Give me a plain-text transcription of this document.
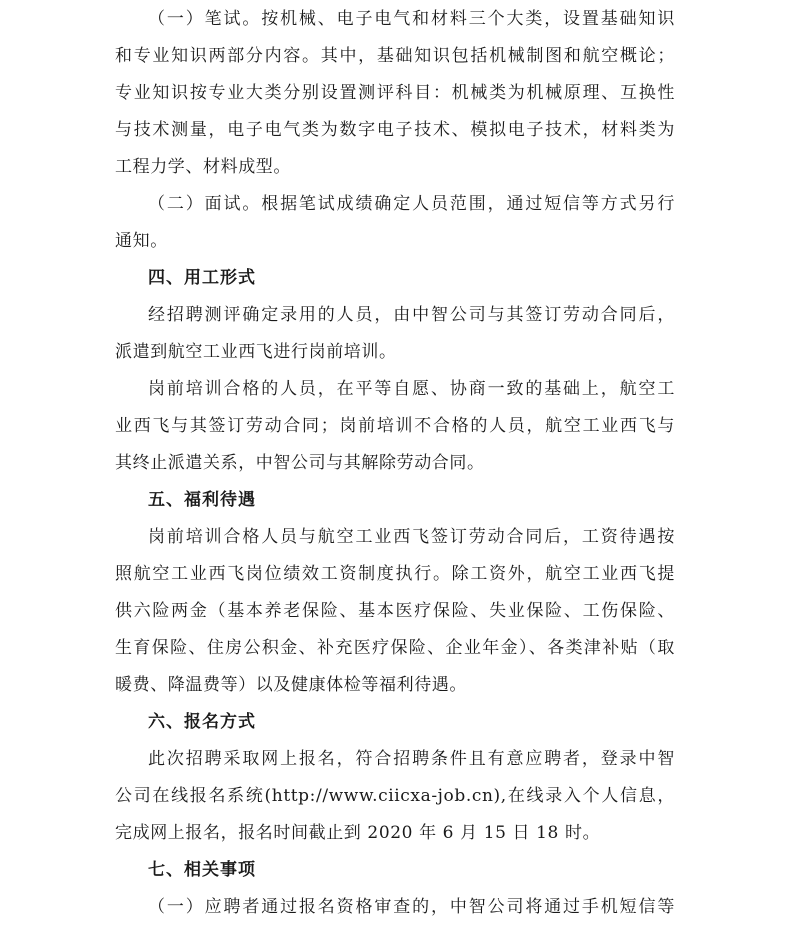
（一）笔试。按机械、电子电气和材料三个大类，设置基础知识
和专业知识两部分内容。其中，基础知识包括机械制图和航空概论；
专业知识按专业大类分别设置测评科目：机械类为机械原理、互换性
与技术测量，电子电气类为数字电子技术、模拟电子技术，材料类为
工程力学、材料成型。
（二）面试。根据笔试成绩确定人员范围，通过短信等方式另行
通知。
四、用工形式
经招聘测评确定录用的人员，由中智公司与其签订劳动合同后，
派遣到航空工业西飞进行岗前培训。
岗前培训合格的人员，在平等自愿、协商一致的基础上，航空工
业西飞与其签订劳动合同；岗前培训不合格的人员，航空工业西飞与
其终止派遣关系，中智公司与其解除劳动合同。
五、福利待遇
岗前培训合格人员与航空工业西飞签订劳动合同后，工资待遇按
照航空工业西飞岗位绩效工资制度执行。除工资外，航空工业西飞提
供六险两金（基本养老保险、基本医疗保险、失业保险、工伤保险、
生育保险、住房公积金、补充医疗保险、企业年金）、各类津补贴（取
暖费、降温费等）以及健康体检等福利待遇。
六、报名方式
此次招聘采取网上报名，符合招聘条件且有意应聘者，登录中智
公司在线报名系统(http://www.ciicxa-job.cn),在线录入个人信息，
完成网上报名，报名时间截止到 2020 年 6 月 15 日 18 时。
七、相关事项
（一）应聘者通过报名资格审查的，中智公司将通过手机短信等
